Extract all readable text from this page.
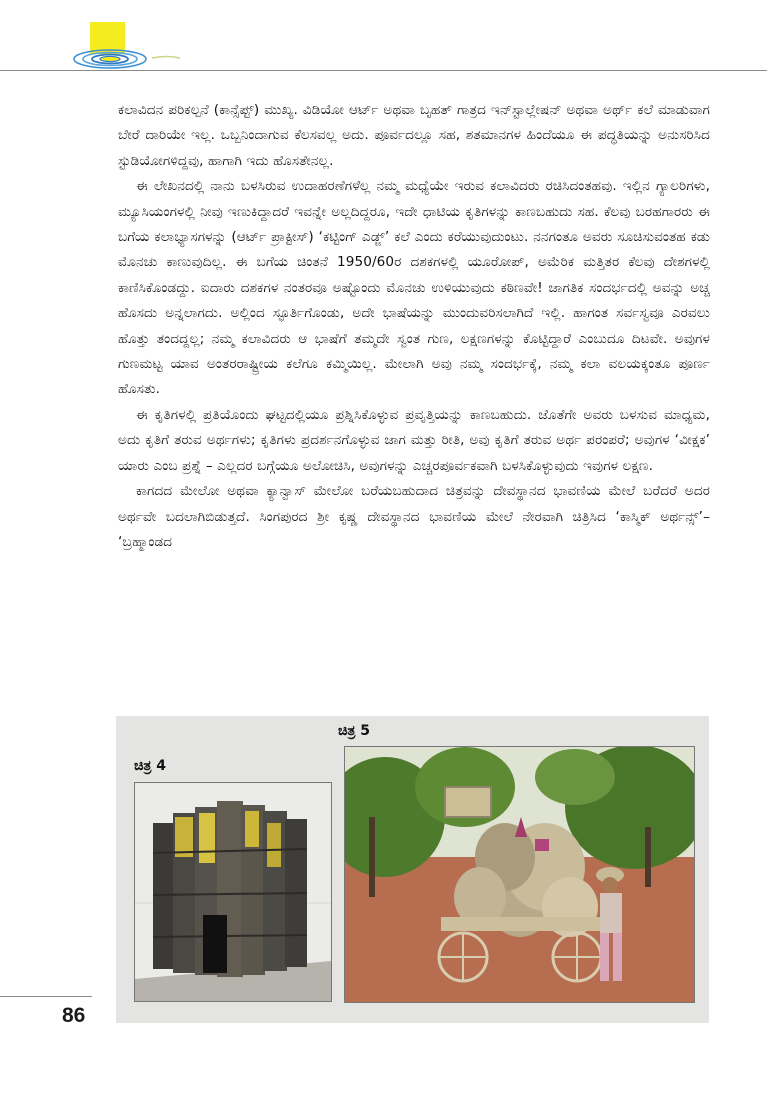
ಕಲಾವಿದನ ಪರಿಕಲ್ಪನೆ (ಕಾನ್ಸೆಪ್ಟ್) ಮುಖ್ಯ. ವಿಡಿಯೋ ಆರ್ಟ್ ಅಥವಾ ಬೃಹತ್ ಗಾತ್ರದ ಇನ್‌ಸ್ಟಾಲ್ಲೇಷನ್ ಅಥವಾ ಅರ್ಥ್ ಕಲೆ ಮಾಡುವಾಗ ಬೇರೆ ದಾರಿಯೇ ಇಲ್ಲ. ಒಬ್ಬನಿಂದಾಗುವ ಕೆಲಸವಲ್ಲ ಅದು. ಪೂರ್ವದಲ್ಲೂ ಸಹ, ಶತಮಾನಗಳ ಹಿಂದೆಯೂ ಈ ಪದ್ಧತಿಯನ್ನು ಅನುಸರಿಸಿದ ಸ್ಟುಡಿಯೋಗಳಿದ್ದವು, ಹಾಗಾಗಿ ಇದು ಹೊಸತೇನಲ್ಲ.

ಈ ಲೇಖನದಲ್ಲಿ ನಾನು ಬಳಸಿರುವ ಉದಾಹರಣೆಗಳೆಲ್ಲ ನಮ್ಮ ಮಧ್ಯೆಯೇ ಇರುವ ಕಲಾವಿದರು ರಚಿಸಿದಂತಹವು. ಇಲ್ಲಿನ ಗ್ಯಾಲರಿಗಳು, ಮ್ಯೂಸಿಯಂಗಳಲ್ಲಿ ನೀವು ಇಣುಕಿದ್ದಾದರೆ ಇವನ್ನೇ ಅಲ್ಲದಿದ್ದರೂ, ಇದೇ ಧಾಟಿಯ ಕೃತಿಗಳನ್ನು ಕಾಣಬಹುದು ಸಹ. ಕೆಲವು ಬರಹಗಾರರು ಈ ಬಗೆಯ ಕಲಾಭ್ಯಾಸಗಳನ್ನು (ಆರ್ಟ್ ಪ್ರಾಕ್ಟೀಸ್) ‘ಕಟ್ಟಿಂಗ್ ಎಡ್ಜ್’ ಕಲೆ ಎಂದು ಕರೆಯುವುದುಂಟು. ನನಗಂತೂ ಅವರು ಸೂಚಿಸುವಂತಹ ಕಡು ಮೊನಚು ಕಾಣುವುದಿಲ್ಲ. ಈ ಬಗೆಯ ಚಿಂತನೆ 1950/60ರ ದಶಕಗಳಲ್ಲಿ ಯೂರೋಪ್, ಅಮೆರಿಕ ಮತ್ತಿತರ ಕೆಲವು ದೇಶಗಳಲ್ಲಿ ಕಾಣಿಸಿಕೊಂಡದ್ದು. ಐದಾರು ದಶಕಗಳ ನಂತರವೂ ಅಷ್ಟೊಂದು ಮೊನಚು ಉಳಿಯುವುದು ಕಠಿಣವೇ! ಜಾಗತಿಕ ಸಂದರ್ಭದಲ್ಲಿ ಅವನ್ನು ಅಚ್ಚ ಹೊಸದು ಅನ್ನಲಾಗದು. ಅಲ್ಲಿಂದ ಸ್ಫೂರ್ತಿಗೊಂಡು, ಅದೇ ಭಾಷೆಯನ್ನು ಮುಂದುವರಿಸಲಾಗಿದೆ ಇಲ್ಲಿ. ಹಾಗಂತ ಸರ್ವಸ್ವವೂ ಎರವಲು ಹೊತ್ತು ತಂದದ್ದಲ್ಲ; ನಮ್ಮ ಕಲಾವಿದರು ಆ ಭಾಷೆಗೆ ತಮ್ಮದೇ ಸ್ವಂತ ಗುಣ, ಲಕ್ಷಣಗಳನ್ನು ಕೊಟ್ಟಿದ್ದಾರೆ ಎಂಬುದೂ ದಿಟವೇ. ಅವುಗಳ ಗುಣಮಟ್ಟ ಯಾವ ಅಂತರರಾಷ್ಟ್ರೀಯ ಕಲೆಗೂ ಕಮ್ಮಿಯಿಲ್ಲ. ಮೇಲಾಗಿ ಅವು ನಮ್ಮ ಸಂದರ್ಭಕ್ಕೆ, ನಮ್ಮ ಕಲಾ ವಲಯಕ್ಕಂತೂ ಪೂರ್ಣ ಹೊಸತು.

ಈ ಕೃತಿಗಳಲ್ಲಿ ಪ್ರತಿಯೊಂದು ಘಟ್ಟದಲ್ಲಿಯೂ ಪ್ರಶ್ನಿಸಿಕೊಳ್ಳುವ ಪ್ರವೃತ್ತಿಯನ್ನು ಕಾಣಬಹುದು. ಜೊತೆಗೇ ಅವರು ಬಳಸುವ ಮಾಧ್ಯಮ, ಅದು ಕೃತಿಗೆ ತರುವ ಅರ್ಥಗಳು; ಕೃತಿಗಳು ಪ್ರದರ್ಶನಗೊಳ್ಳುವ ಜಾಗ ಮತ್ತು ರೀತಿ, ಅವು ಕೃತಿಗೆ ತರುವ ಅರ್ಥ ಪರಂಪರೆ; ಅವುಗಳ ‘ವೀಕ್ಷಕ’ ಯಾರು ಎಂಬ ಪ್ರಶ್ನೆ – ಎಲ್ಲದರ ಬಗ್ಗೆಯೂ ಅಲೋಚಿಸಿ, ಅವುಗಳನ್ನು ಎಚ್ಚರಪೂರ್ವಕವಾಗಿ ಬಳಸಿಕೊಳ್ಳುವುದು ಇವುಗಳ ಲಕ್ಷಣ.

ಕಾಗದದ ಮೇಲೋ ಅಥವಾ ಕ್ಯಾನ್ವಾಸ್ ಮೇಲೋ ಬರೆಯಬಹುದಾದ ಚಿತ್ರವನ್ನು ದೇವಸ್ಥಾನದ ಭಾವಣಿಯ ಮೇಲೆ ಬರೆದರೆ ಅದರ ಅರ್ಥವೇ ಬದಲಾಗಿಬಿಡುತ್ತದೆ. ಸಿಂಗಪುರದ ಶ್ರೀ ಕೃಷ್ಣ ದೇವಸ್ಥಾನದ ಭಾವಣಿಯ ಮೇಲೆ ನೇರವಾಗಿ ಚಿತ್ರಿಸಿದ ‘ಕಾಸ್ಮಿಕ್ ಅರ್ಥನ್ಸ್’– ‘ಬ್ರಹ್ಮಾಂಡದ

ಚಿತ್ರ 4
ಚಿತ್ರ 5
86
